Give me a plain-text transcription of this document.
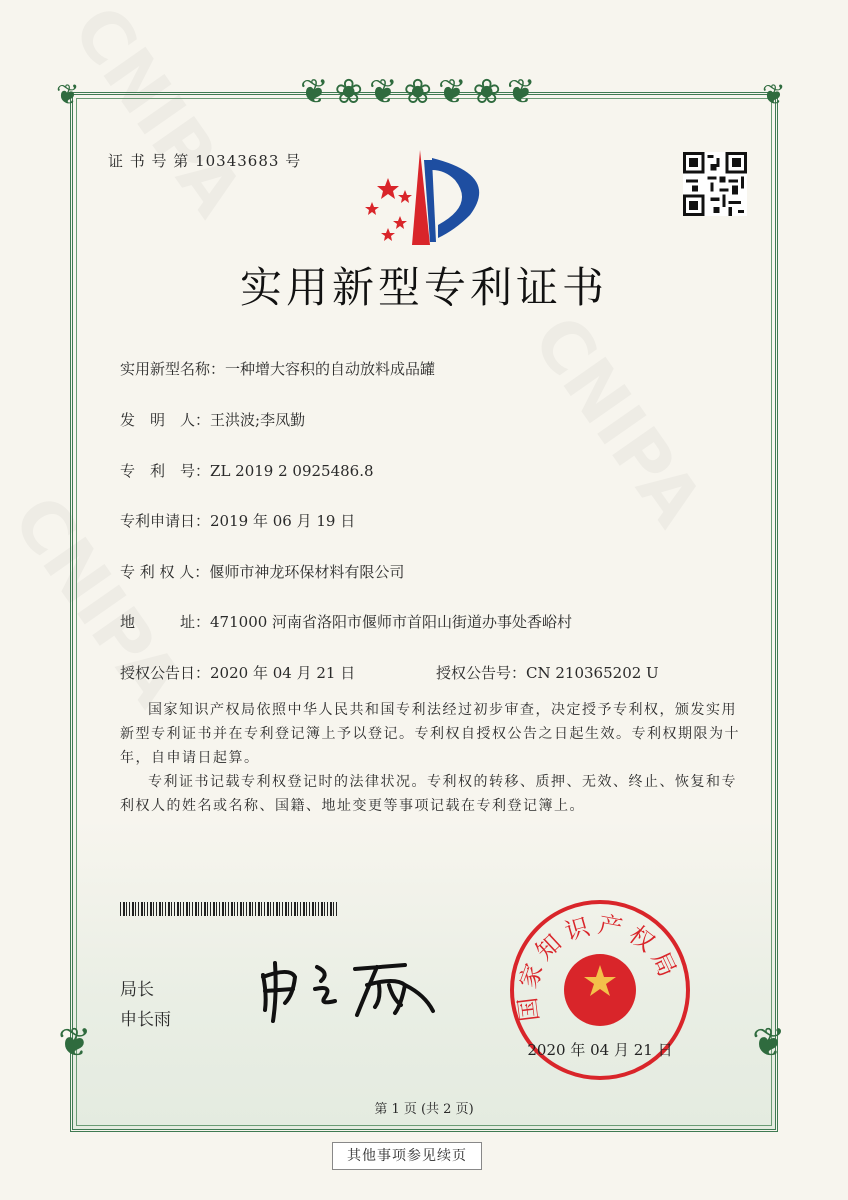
❦❀❦❀❦❀❦
❦	❦
❦	❦
证 书 号 第 10343683 号
实用新型专利证书
实用新型名称：一种增大容积的自动放料成品罐
发　明　人：王洪波;李凤勤
专　利　号：ZL 2019 2 0925486.8
专利申请日：2019 年 06 月 19 日
专 利 权 人：偃师市神龙环保材料有限公司
地　　　址：471000 河南省洛阳市偃师市首阳山街道办事处香峪村
授权公告日：2020 年 04 月 21 日	授权公告号：CN 210365202 U

国家知识产权局依照中华人民共和国专利法经过初步审查，决定授予专利权，颁发实用新型专利证书并在专利登记簿上予以登记。专利权自授权公告之日起生效。专利权期限为十年，自申请日起算。

专利证书记载专利权登记时的法律状况。专利权的转移、质押、无效、终止、恢复和专利权人的姓名或名称、国籍、地址变更等事项记载在专利登记簿上。

局长
申长雨	国家知识产权局
2020 年 04 月 21 日
第 1 页 (共 2 页)
其他事项参见续页
